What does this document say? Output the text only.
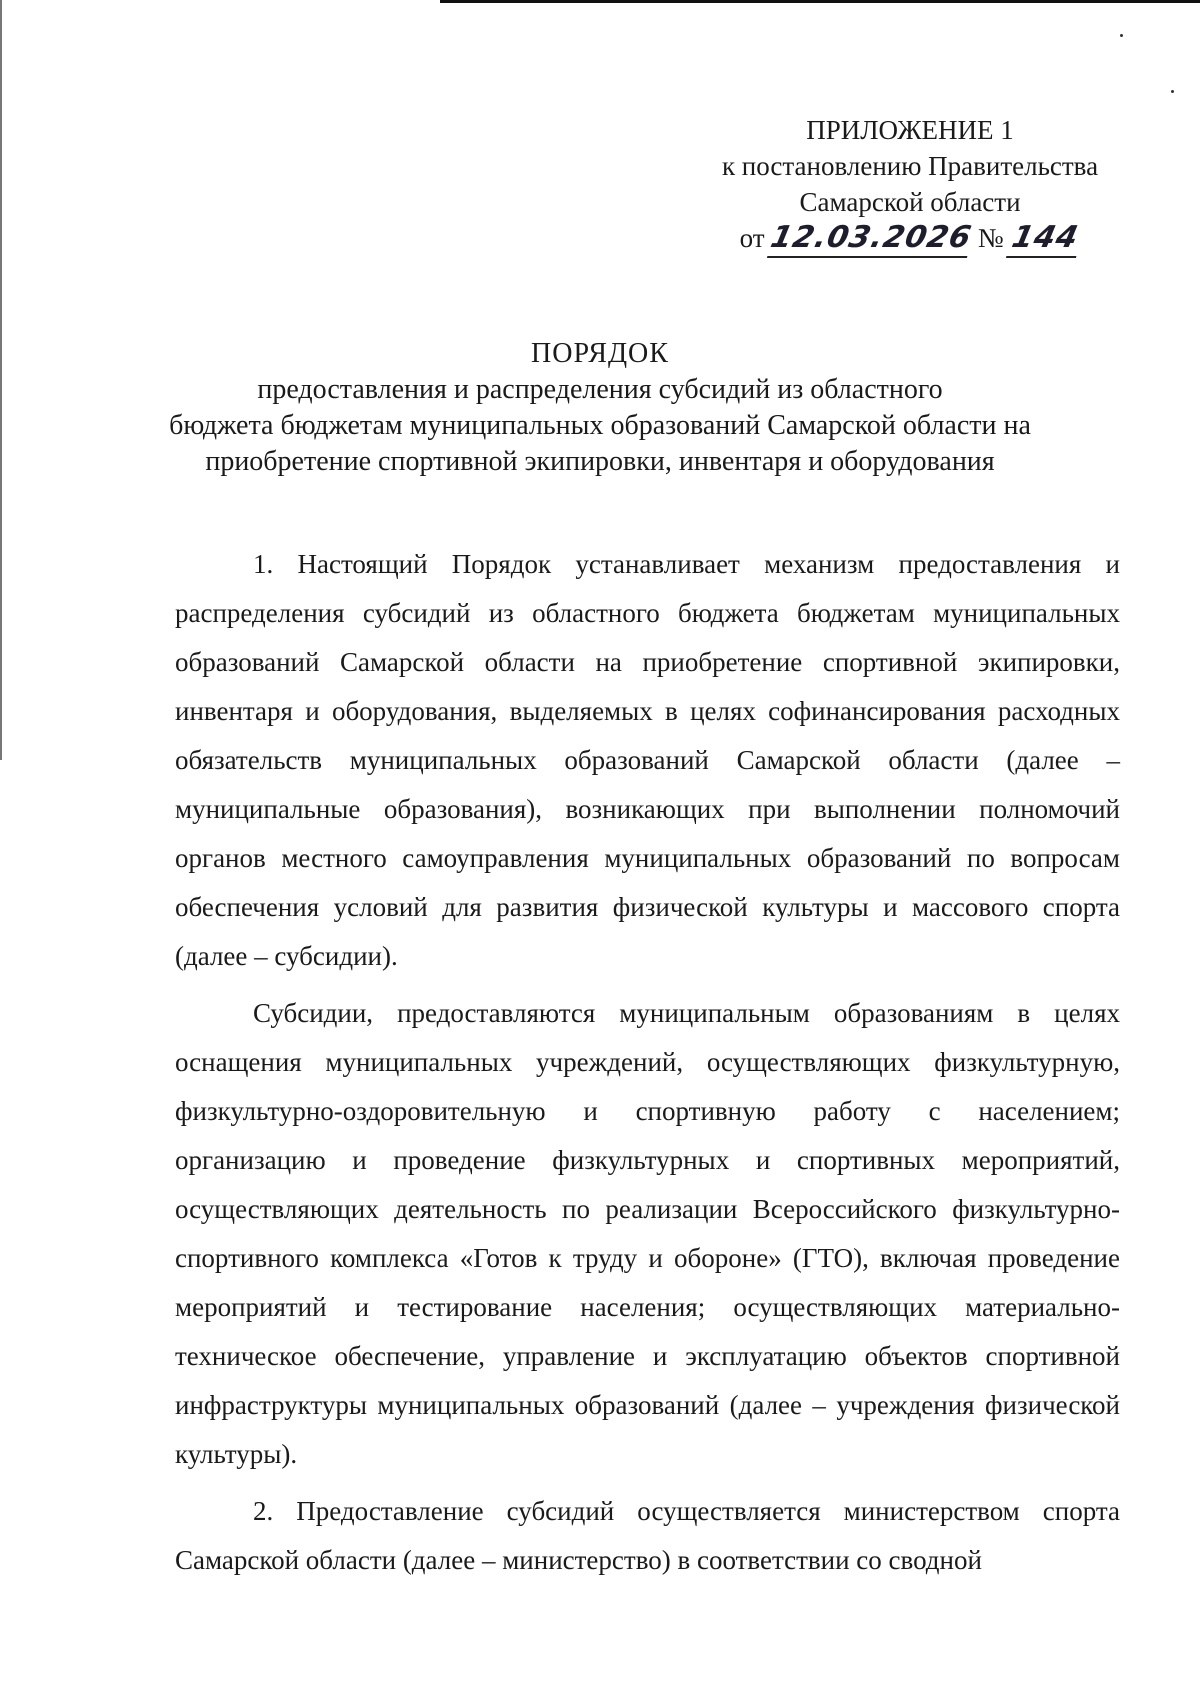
ПРИЛОЖЕНИЕ 1
к постановлению Правительства
Самарской области
от 12.03.2026 № 144
ПОРЯДОК
предоставления и распределения субсидий из областного
бюджета бюджетам муниципальных образований Самарской области на
приобретение спортивной экипировки, инвентаря и оборудования

1. Настоящий Порядок устанавливает механизм предоставления и распределения субсидий из областного бюджета бюджетам муниципальных образований Самарской области на приобретение спортивной экипировки, инвентаря и оборудования, выделяемых в целях софинансирования расходных обязательств муниципальных образований Самарской области (далее – муниципальные образования), возникающих при выполнении полномочий органов местного самоуправления муниципальных образований по вопросам обеспечения условий для развития физической культуры и массового спорта (далее – субсидии).

Субсидии, предоставляются муниципальным образованиям в целях оснащения муниципальных учреждений, осуществляющих физкультурную, физкультурно-оздоровительную и спортивную работу с населением; организацию и проведение физкультурных и спортивных мероприятий, осуществляющих деятельность по реализации Всероссийского физкультурно-спортивного комплекса «Готов к труду и обороне» (ГТО), включая проведение мероприятий и тестирование населения; осуществляющих материально-техническое обеспечение, управление и эксплуатацию объектов спортивной инфраструктуры муниципальных образований (далее – учреждения физической культуры).

2. Предоставление субсидий осуществляется министерством спорта Самарской области (далее – министерство) в соответствии со сводной
